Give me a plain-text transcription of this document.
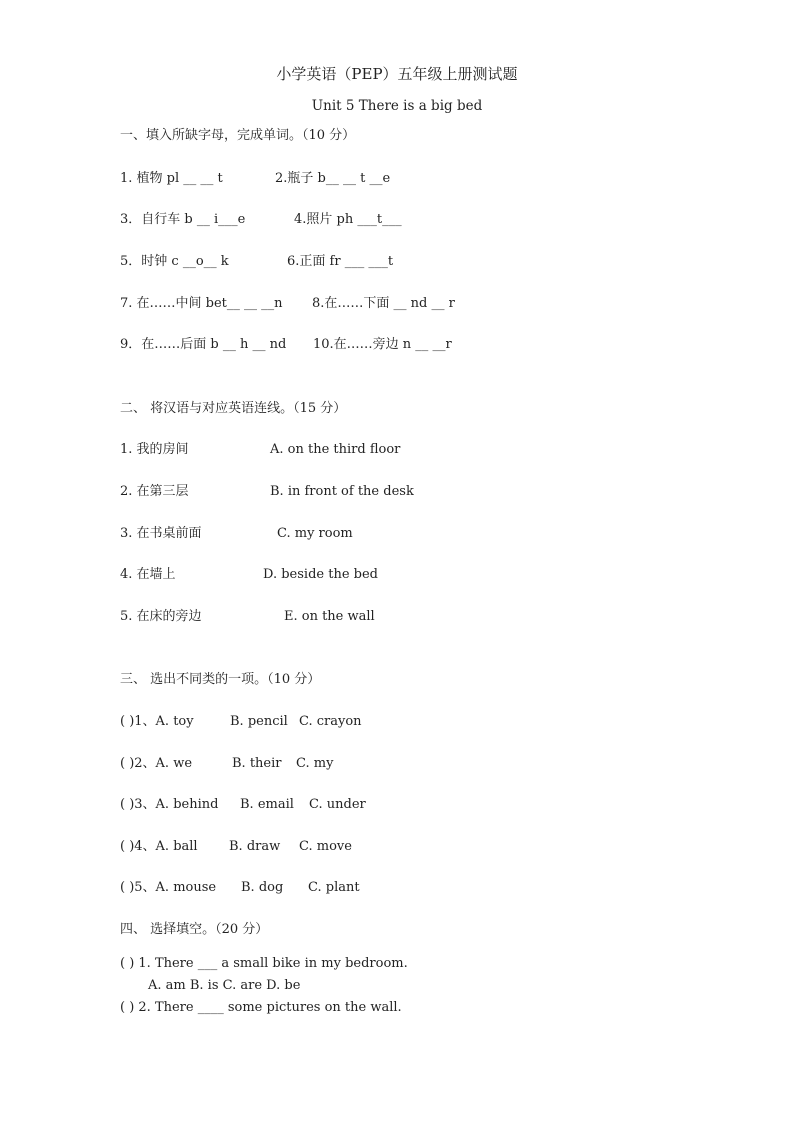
小学英语（PEP）五年级上册测试题
Unit 5 There is a big bed
一、填入所缺字母，完成单词。（10 分）
1. 植物 pl __ __ t	2.瓶子 b__ __ t __e
3．自行车 b __ i___e	4.照片 ph ___t___
5．时钟 c __o__ k	6.正面 fr ___ ___t
7. 在……中间 bet__ __ __n 8.在……下面 __ nd __ r
9．在……后面 b __ h __ nd 10.在……旁边 n __ __r
二、 将汉语与对应英语连线。（15 分）
1. 我的房间	A. on the third floor
2. 在第三层	B. in front of the desk
3. 在书桌前面	C. my room
4. 在墙上	D. beside the bed
5. 在床的旁边	E. on the wall
三、 选出不同类的一项。（10 分）
( )1、A. toy	B. pencil C. crayon
( )2、A. we	B. their C. my
( )3、A. behind B. email C. under
( )4、A. ball B. draw C. move
( )5、A. mouse B. dog C. plant
四、 选择填空。（20 分）
( ) 1. There ___ a small bike in my bedroom.
A. am B. is C. are D. be
( ) 2. There ____ some pictures on the wall.
